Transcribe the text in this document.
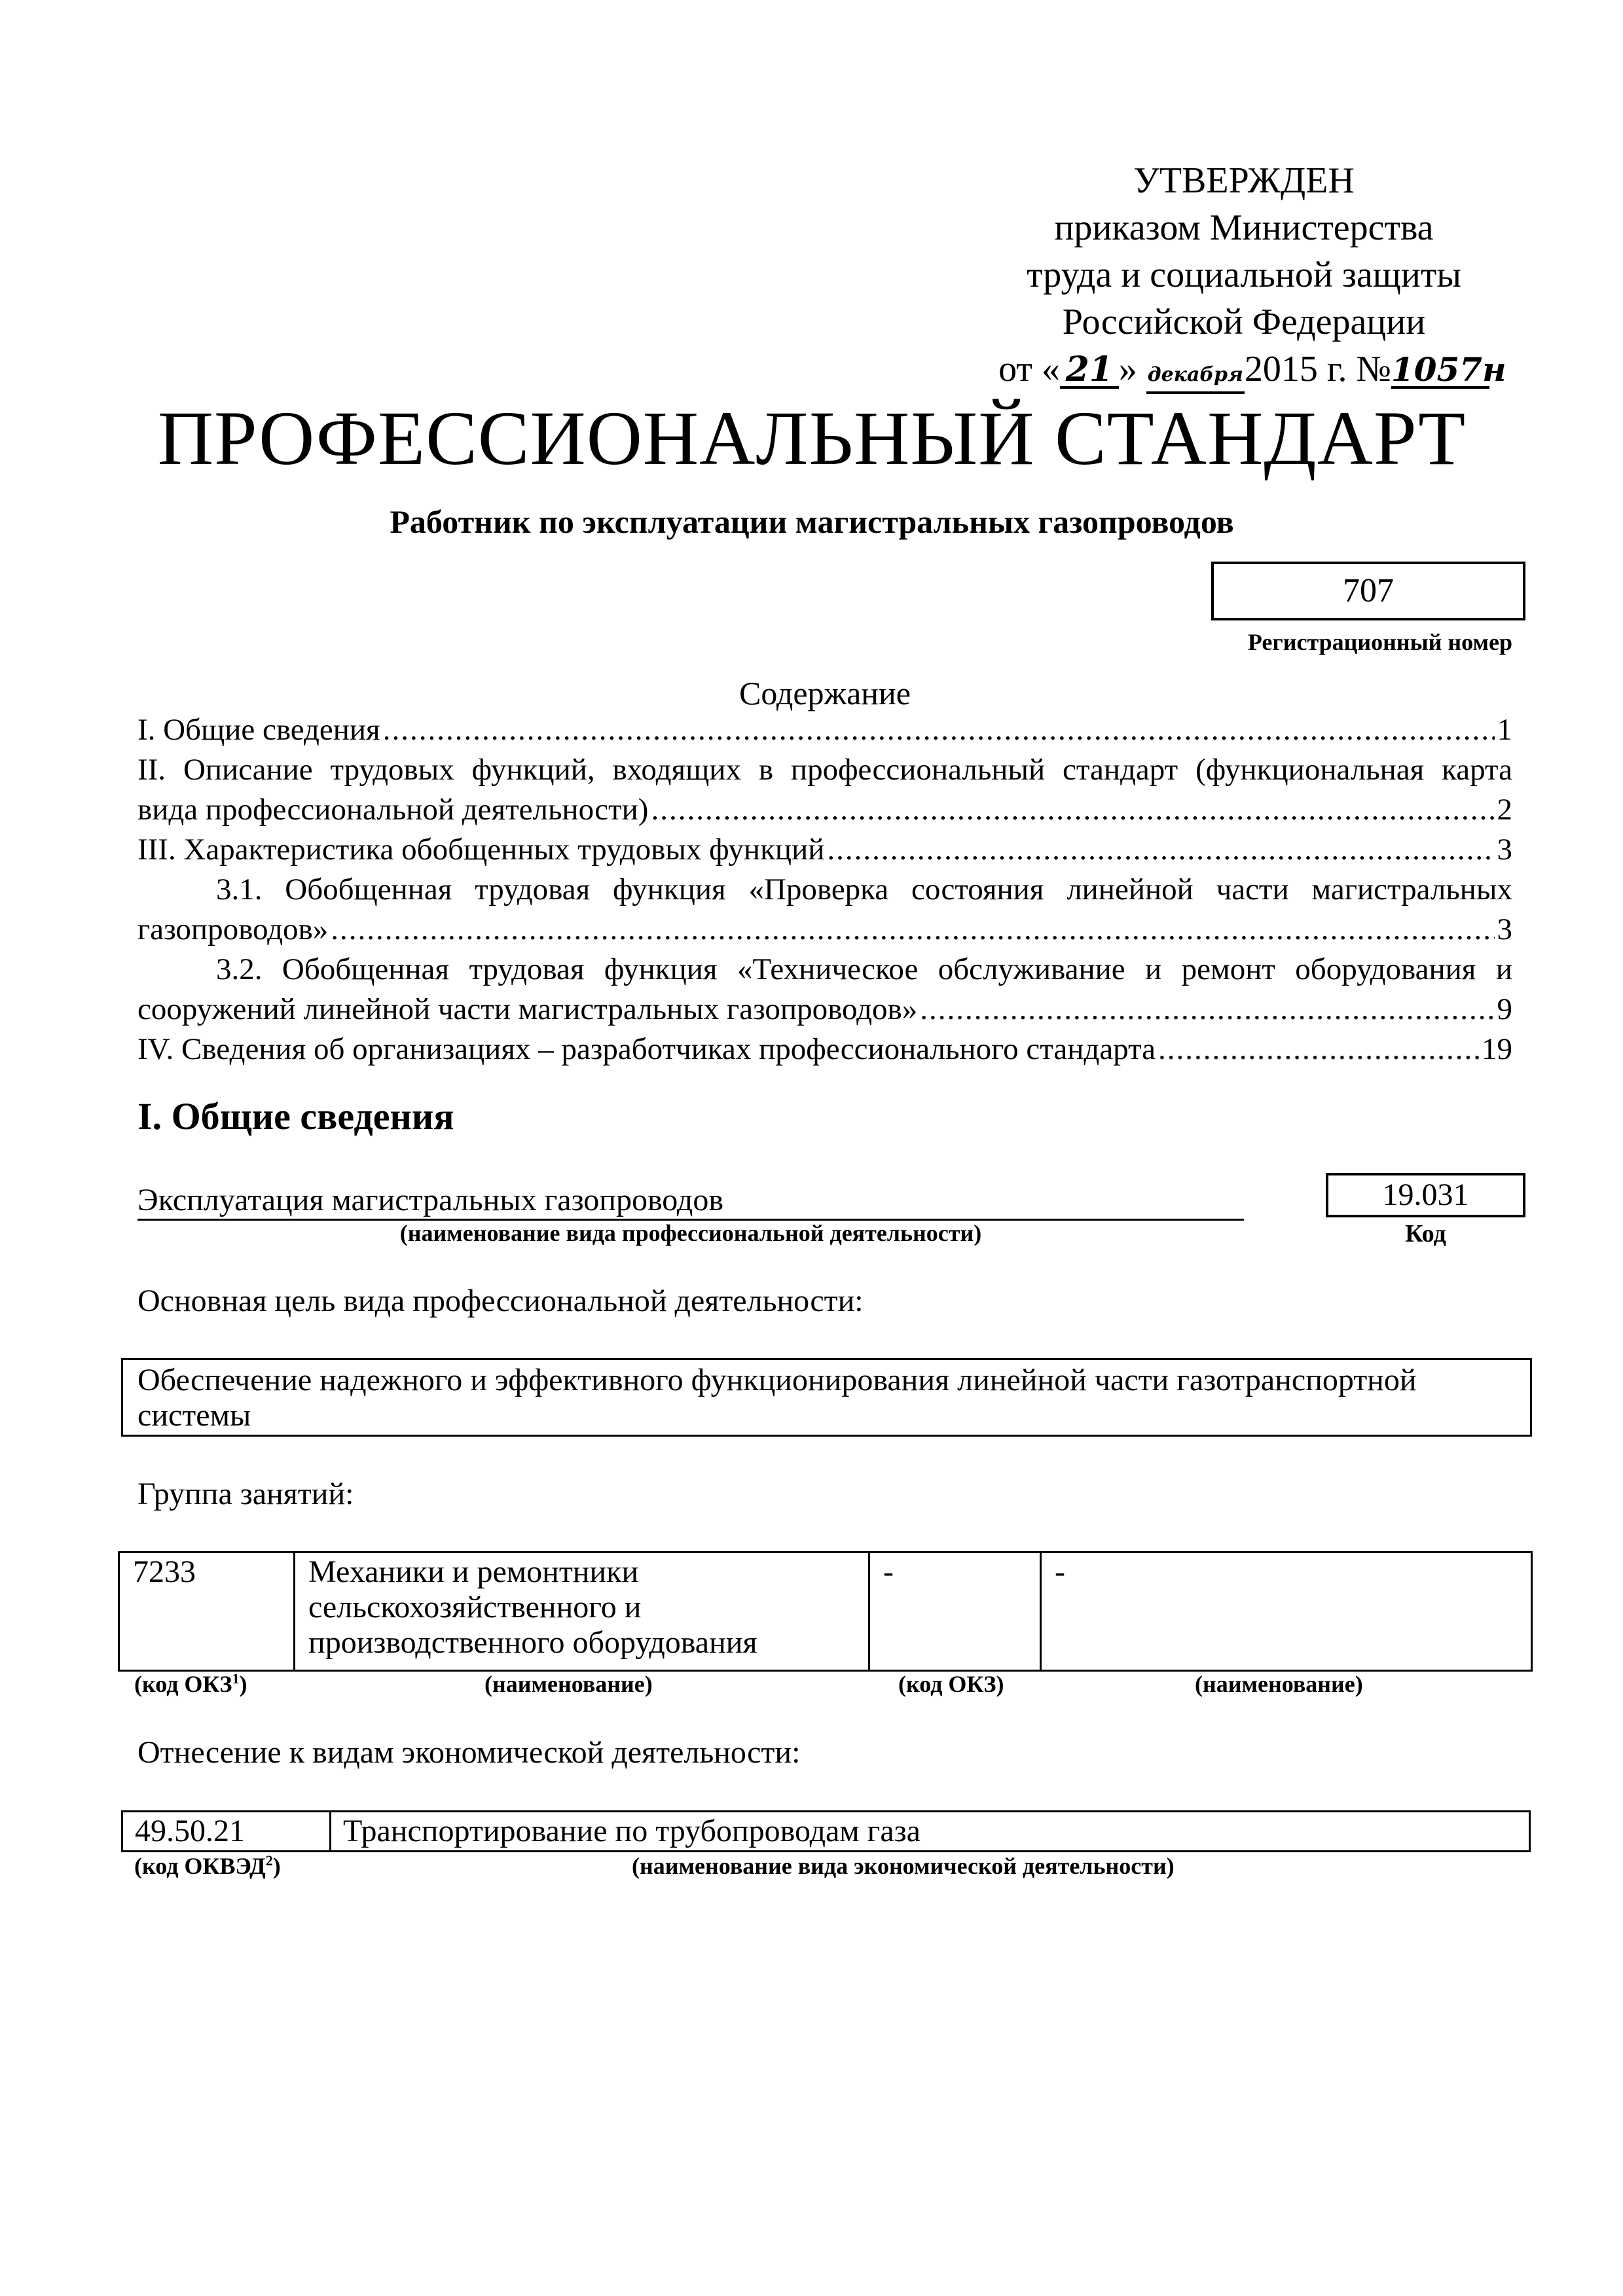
УТВЕРЖДЕН
приказом Министерства
труда и социальной защиты
Российской Федерации
от « 21 » декабря2015 г. №1057н
ПРОФЕССИОНАЛЬНЫЙ СТАНДАРТ
Работник по эксплуатации магистральных газопроводов
707
Регистрационный номер
Содержание
I. Общие сведения .....	1
II. Описание трудовых функций, входящих в профессиональный стандарт (функциональная карта
вида профессиональной деятельности) .....	2
III. Характеристика обобщенных трудовых функций .....	3
3.1. Обобщенная трудовая функция «Проверка состояния линейной части магистральных
газопроводов» .....	3
3.2. Обобщенная трудовая функция «Техническое обслуживание и ремонт оборудования и
сооружений линейной части магистральных газопроводов» .....	9
IV. Сведения об организациях – разработчиках профессионального стандарта .....	19
I. Общие сведения
Эксплуатация магистральных газопроводов
(наименование вида профессиональной деятельности)
19.031
Код
Основная цель вида профессиональной деятельности:
Обеспечение надежного и эффективного функционирования линейной части газотранспортной системы
Группа занятий:
7233	Механики и ремонтники сельскохозяйственного и производственного оборудования	-	-
(код ОКЗ$^1$)	(наименование)	(код ОКЗ)	(наименование)
Отнесение к видам экономической деятельности:
49.50.21	Транспортирование по трубопроводам газа
(код ОКВЭД$^2$)	(наименование вида экономической деятельности)
